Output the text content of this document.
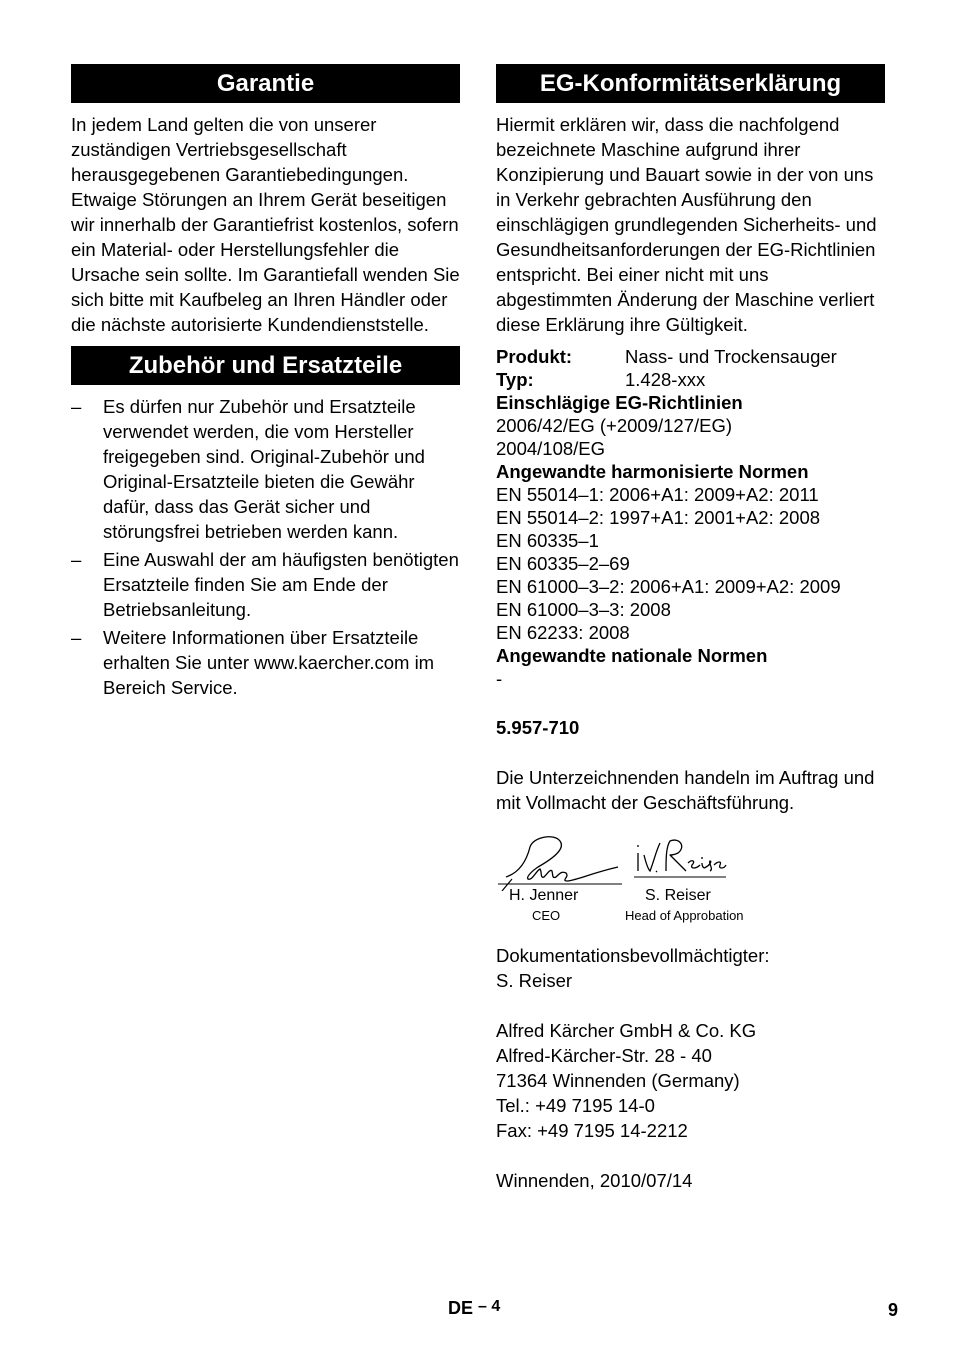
Garantie

In jedem Land gelten die von unserer zuständigen Vertriebsgesellschaft herausgegebenen Garantiebedingungen. Etwaige Störungen an Ihrem Gerät beseitigen wir innerhalb der Garantiefrist kostenlos, sofern ein Material- oder Herstellungsfehler die Ursache sein sollte. Im Garantiefall wenden Sie sich bitte mit Kaufbeleg an Ihren Händler oder die nächste autorisierte Kundendienststelle.

Zubehör und Ersatzteile
–	Es dürfen nur Zubehör und Ersatzteile verwendet werden, die vom Hersteller freigegeben sind. Original-Zubehör und Original-Ersatzteile bieten die Gewähr dafür, dass das Gerät sicher und störungsfrei betrieben werden kann.
–	Eine Auswahl der am häufigsten benötigten Ersatzteile finden Sie am Ende der Betriebsanleitung.
–	Weitere Informationen über Ersatzteile erhalten Sie unter www.kaercher.com im Bereich Service.
EG-Konformitätserklärung

Hiermit erklären wir, dass die nachfolgend bezeichnete Maschine aufgrund ihrer Konzipierung und Bauart sowie in der von uns in Verkehr gebrachten Ausführung den einschlägigen grundlegenden Sicherheits- und Gesundheitsanforderungen der EG-Richtlinien entspricht. Bei einer nicht mit uns abgestimmten Änderung der Maschine verliert diese Erklärung ihre Gültigkeit.

Produkt:	Nass- und Trockensauger
Typ:	1.428-xxx
Einschlägige EG-Richtlinien
2006/42/EG (+2009/127/EG)
2004/108/EG
Angewandte harmonisierte Normen
EN 55014–1: 2006+A1: 2009+A2: 2011
EN 55014–2: 1997+A1: 2001+A2: 2008
EN 60335–1
EN 60335–2–69
EN 61000–3–2: 2006+A1: 2009+A2: 2009
EN 61000–3–3: 2008
EN 62233: 2008
Angewandte nationale Normen
-
5.957-710

Die Unterzeichnenden handeln im Auftrag und mit Vollmacht der Geschäftsführung.

H. Jenner
CEO
S. Reiser
Head of Approbation
Dokumentationsbevollmächtigter:
S. Reiser
Alfred Kärcher GmbH & Co. KG
Alfred-Kärcher-Str. 28 - 40
71364 Winnenden (Germany)
Tel.: +49 7195 14-0
Fax: +49 7195 14-2212
Winnenden, 2010/07/14
DE – 4	9
